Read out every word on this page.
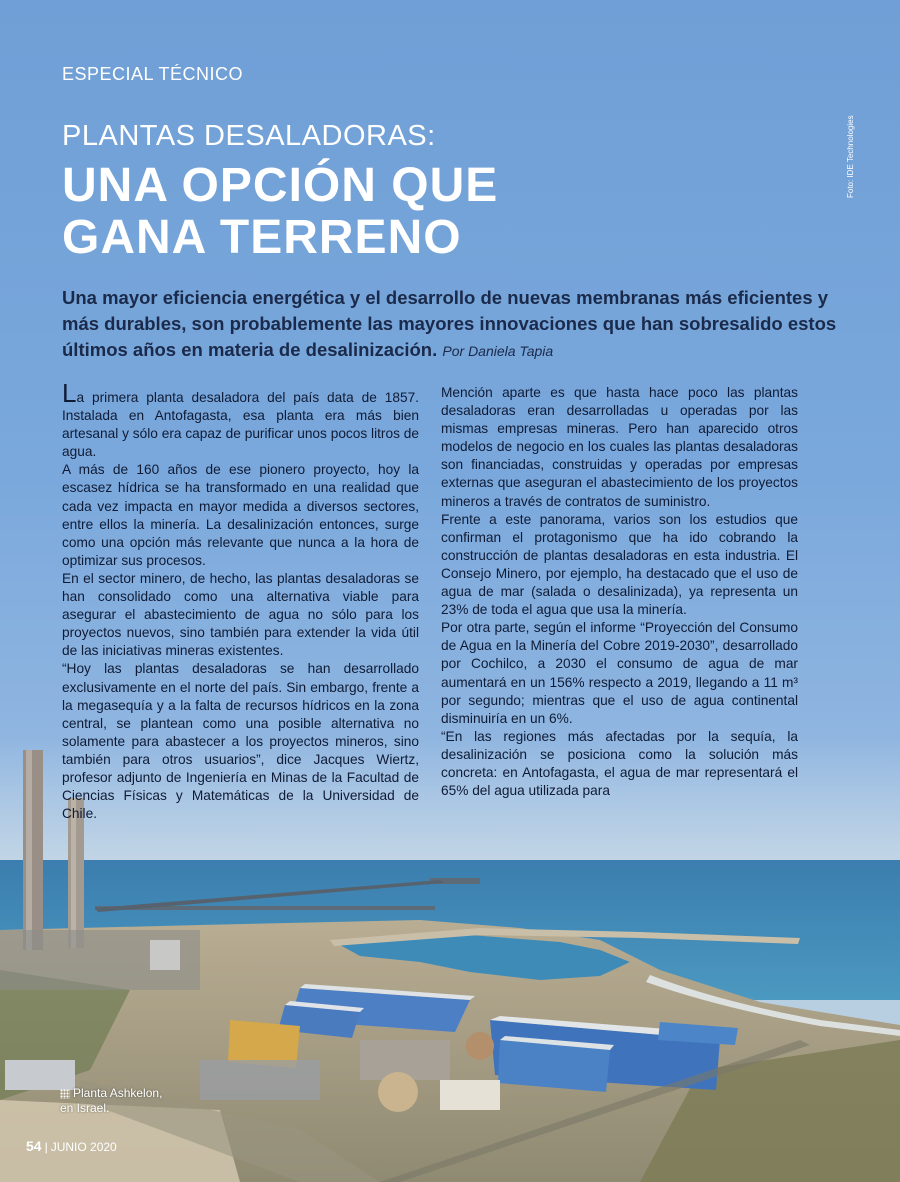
ESPECIAL TÉCNICO
Foto: IDE Technologies
PLANTAS DESALADORAS:
UNA OPCIÓN QUE
GANA TERRENO
Una mayor eficiencia energética y el desarrollo de nuevas membranas más eficientes y más durables, son probablemente las mayores innovaciones que han sobresalido estos últimos años en materia de desalinización. Por Daniela Tapia

La primera planta desaladora del país data de 1857. Instalada en Antofagasta, esa planta era más bien artesanal y sólo era capaz de purificar unos pocos litros de agua.

A más de 160 años de ese pionero proyecto, hoy la escasez hídrica se ha transformado en una realidad que cada vez impacta en mayor medida a diversos sectores, entre ellos la minería. La desalinización entonces, surge como una opción más relevante que nunca a la hora de optimizar sus procesos.

En el sector minero, de hecho, las plantas desaladoras se han consolidado como una alternativa viable para asegurar el abastecimiento de agua no sólo para los proyectos nuevos, sino también para extender la vida útil de las iniciativas mineras existentes.

“Hoy las plantas desaladoras se han desarrollado exclusivamente en el norte del país. Sin embargo, frente a la megasequía y a la falta de recursos hídricos en la zona central, se plantean como una posible alternativa no solamente para abastecer a los proyectos mineros, sino también para otros usuarios”, dice Jacques Wiertz, profesor adjunto de Ingeniería en Minas de la Facultad de Ciencias Físicas y Matemáticas de la Universidad de Chile.

Mención aparte es que hasta hace poco las plantas desaladoras eran desarrolladas u operadas por las mismas empresas mineras. Pero han aparecido otros modelos de negocio en los cuales las plantas desaladoras son financiadas, construidas y operadas por empresas externas que aseguran el abastecimiento de los proyectos mineros a través de contratos de suministro.

Frente a este panorama, varios son los estudios que confirman el protagonismo que ha ido cobrando la construcción de plantas desaladoras en esta industria. El Consejo Minero, por ejemplo, ha destacado que el uso de agua de mar (salada o desalinizada), ya representa un 23% de toda el agua que usa la minería.

Por otra parte, según el informe “Proyección del Consumo de Agua en la Minería del Cobre 2019-2030”, desarrollado por Cochilco, a 2030 el consumo de agua de mar aumentará en un 156% respecto a 2019, llegando a 11 m³ por segundo; mientras que el uso de agua continental disminuiría en un 6%.

“En las regiones más afectadas por la sequía, la desalinización se posiciona como la solución más concreta: en Antofagasta, el agua de mar representará el 65% del agua utilizada para

Planta Ashkelon,
en Israel.
54 | JUNIO 2020
